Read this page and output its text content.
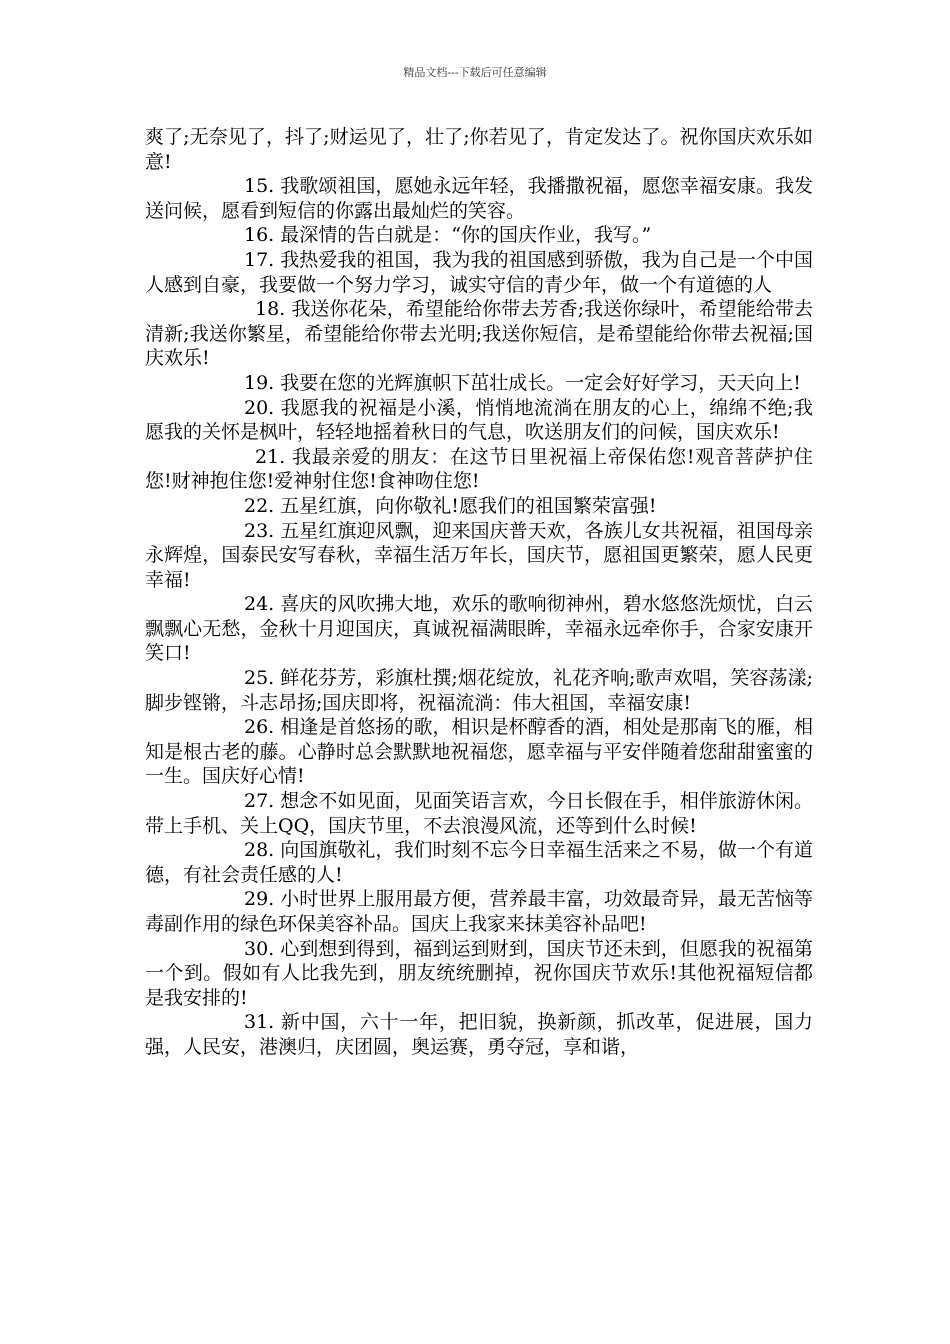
精品文档---下载后可任意编辑

爽了;无奈见了，抖了;财运见了，壮了;你若见了，肯定发达了。祝你国庆欢乐如意!

15. 我歌颂祖国，愿她永远年轻，我播撒祝福，愿您幸福安康。我发送问候，愿看到短信的你露出最灿烂的笑容。

16. 最深情的告白就是：“你的国庆作业，我写。”

17. 我热爱我的祖国，我为我的祖国感到骄傲，我为自己是一个中国人感到自豪，我要做一个努力学习，诚实守信的青少年，做一个有道德的人

18. 我送你花朵，希望能给你带去芳香;我送你绿叶，希望能给带去清新;我送你繁星，希望能给你带去光明;我送你短信，是希望能给你带去祝福;国庆欢乐!

19. 我要在您的光辉旗帜下茁壮成长。一定会好好学习，天天向上!

20. 我愿我的祝福是小溪，悄悄地流淌在朋友的心上，绵绵不绝;我愿我的关怀是枫叶，轻轻地摇着秋日的气息，吹送朋友们的问候，国庆欢乐!

21. 我最亲爱的朋友：在这节日里祝福上帝保佑您!观音菩萨护住您!财神抱住您!爱神射住您!食神吻住您!

22. 五星红旗，向你敬礼!愿我们的祖国繁荣富强!

23. 五星红旗迎风飘，迎来国庆普天欢，各族儿女共祝福，祖国母亲永辉煌，国泰民安写春秋，幸福生活万年长，国庆节，愿祖国更繁荣，愿人民更幸福!

24. 喜庆的风吹拂大地，欢乐的歌响彻神州，碧水悠悠洗烦忧，白云飘飘心无愁，金秋十月迎国庆，真诚祝福满眼眸，幸福永远牵你手，合家安康开笑口!

25. 鲜花芬芳，彩旗杜撰;烟花绽放，礼花齐响;歌声欢唱，笑容荡漾;脚步铿锵，斗志昂扬;国庆即将，祝福流淌：伟大祖国，幸福安康!

26. 相逢是首悠扬的歌，相识是杯醇香的酒，相处是那南飞的雁，相知是根古老的藤。心静时总会默默地祝福您，愿幸福与平安伴随着您甜甜蜜蜜的一生。国庆好心情!

27. 想念不如见面，见面笑语言欢，今日长假在手，相伴旅游休闲。带上手机、关上QQ，国庆节里，不去浪漫风流，还等到什么时候!

28. 向国旗敬礼，我们时刻不忘今日幸福生活来之不易，做一个有道德，有社会责任感的人!

29. 小时世界上服用最方便，营养最丰富，功效最奇异，最无苦恼等毒副作用的绿色环保美容补品。国庆上我家来抹美容补品吧!

30. 心到想到得到，福到运到财到，国庆节还未到，但愿我的祝福第一个到。假如有人比我先到，朋友统统删掉，祝你国庆节欢乐!其他祝福短信都是我安排的!

31. 新中国，六十一年，把旧貌，换新颜，抓改革，促进展，国力强，人民安，港澳归，庆团圆，奥运赛，勇夺冠，享和谐，
